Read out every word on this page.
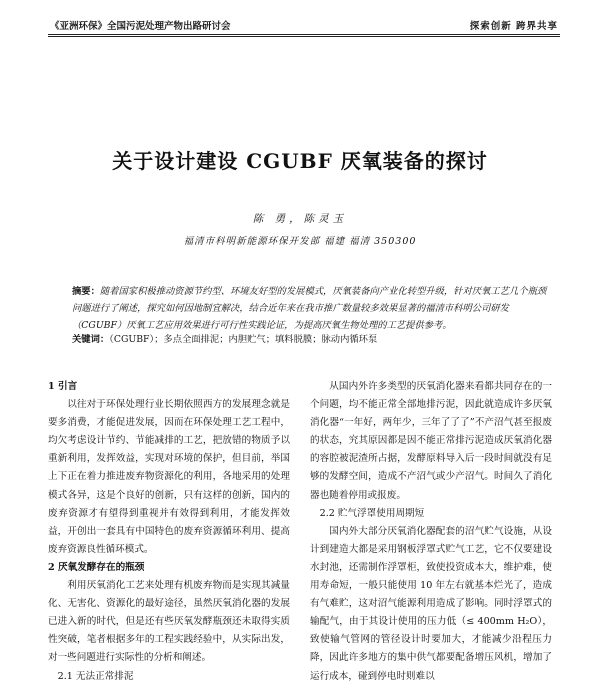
《亚洲环保》全国污泥处理产物出路研讨会	探索创新 跨界共享
关于设计建设 CGUBF 厌氧装备的探讨
陈 勇，陈灵玉
福清市科明新能源环保开发部 福建 福清 350300
摘要：随着国家积极推动资源节约型、环境友好型的发展模式，厌氧装备向产业化转型升级，针对厌氧工艺几个瓶颈问题进行了阐述，探究如何因地制宜解决，结合近年来在我市推广数量较多效果显著的福清市科明公司研发（CGUBF）厌氧工艺应用效果进行可行性实践论证，为提高厌氧生物处理的工艺提供参考。
关键词：（CGUBF）；多点全面排泥；内胆贮气；填料脱膜；脉动内循环泵

1 引言

以往对于环保处理行业长期依照西方的发展理念就是要多消费，才能促进发展，因而在环保处理工艺工程中，均欠考虑设计节约、节能减排的工艺，把放错的物质予以重新利用，发挥效益，实现对环境的保护，但目前，举国上下正在着力推进废弃物资源化的利用，各地采用的处理模式各异，这是个良好的创新，只有这样的创新，国内的废弃资源才有望得到重视并有效得到利用，才能发挥效益，开创出一套具有中国特色的废弃资源循环利用、提高废弃资源良性循环模式。

2 厌氧发酵存在的瓶颈

利用厌氧消化工艺来处理有机废弃物而是实现其减量化、无害化、资源化的最好途径，虽然厌氧消化器的发展已进入新的时代，但是还有些厌氧发酵瓶颈还未取得实质性突破，笔者根据多年的工程实践经验中，从实际出发，对一些问题进行实际性的分析和阐述。

2.1 无法正常排泥

从国内外许多类型的厌氧消化器来看都共同存在的一个问题，均不能正常全部地排污泥，因此就造成许多厌氧消化器“一年好，两年少，三年了了了”不产沼气甚至报废的状态，究其原因都是因不能正常排污泥造成厌氧消化器的容腔被泥渣所占据，发酵原料导入后一段时间就没有足够的发酵空间，造成不产沼气或少产沼气。时间久了消化器也随着停用或报废。

2.2 贮气浮罩使用周期短

国内外大部分厌氧消化器配套的沼气贮气设施，从设计到建造大都是采用钢板浮罩式贮气工艺，它不仅要建设水封池，还需制作浮罩柜，致使投资成本大，维护难，使用寿命短，一般只能使用 10 年左右就基本烂光了，造成有气难贮，这对沼气能源利用造成了影响。同时浮罩式的输配气，由于其设计使用的压力低（≤ 400mm H₂O），致使输气管网的管径设计时要加大，才能减少沿程压力降，因此许多地方的集中供气都要配备增压风机，增加了运行成本，碰到停电时则难以
